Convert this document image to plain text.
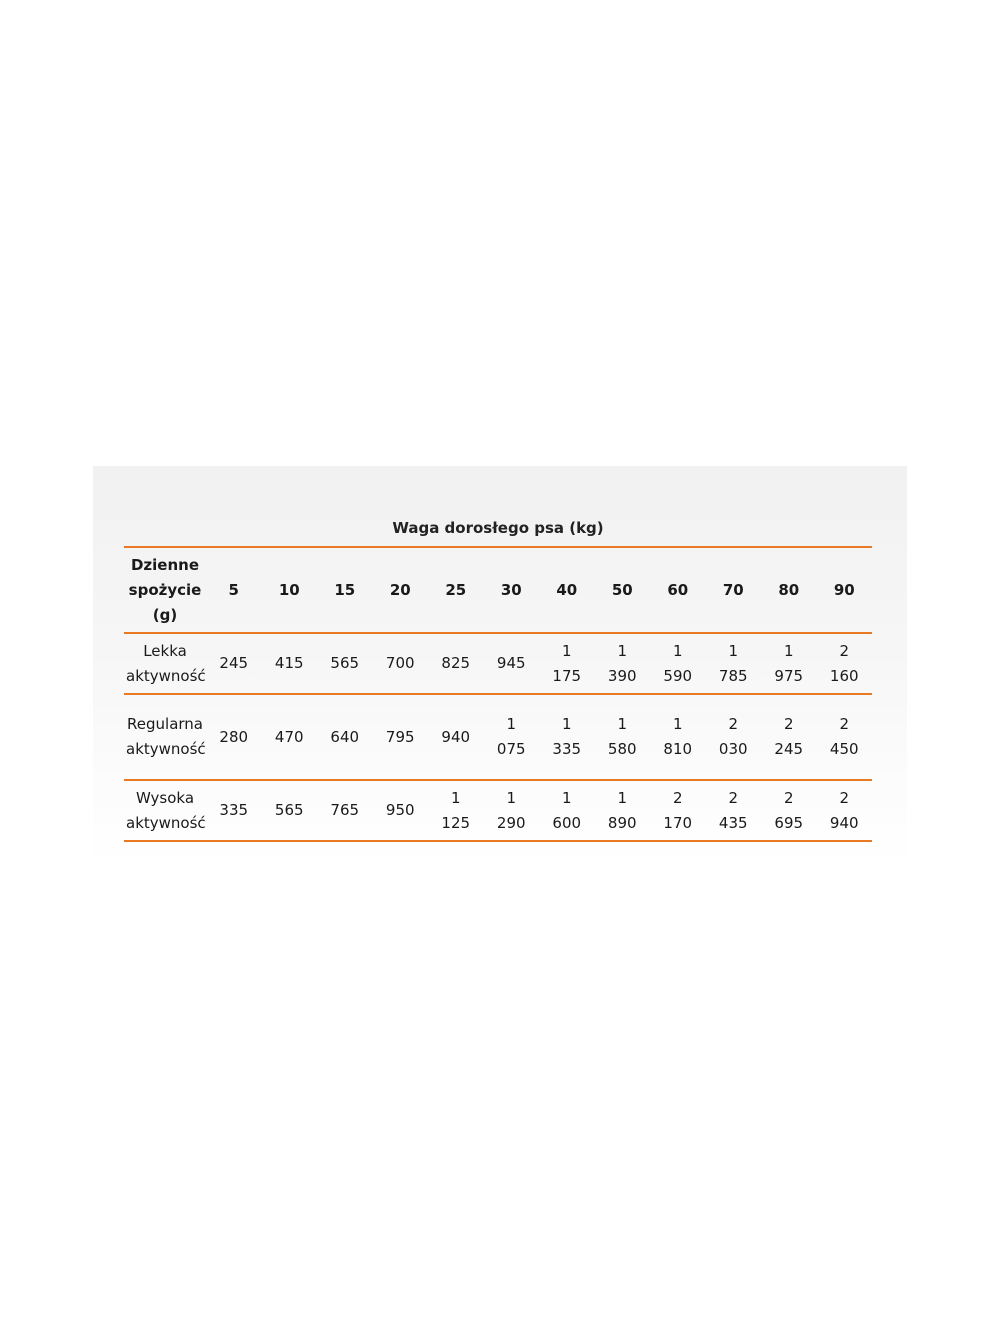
Waga dorosłego psa (kg)
Dzienne spożycie (g)	5	10	15	20	25	30	40	50	60	70	80	90
Lekka aktywność	245	415	565	700	825	945	1 175	1 390	1 590	1 785	1 975	2 160
Regularna aktywność	280	470	640	795	940	1 075	1 335	1 580	1 810	2 030	2 245	2 450
Wysoka aktywność	335	565	765	950	1 125	1 290	1 600	1 890	2 170	2 435	2 695	2 940
